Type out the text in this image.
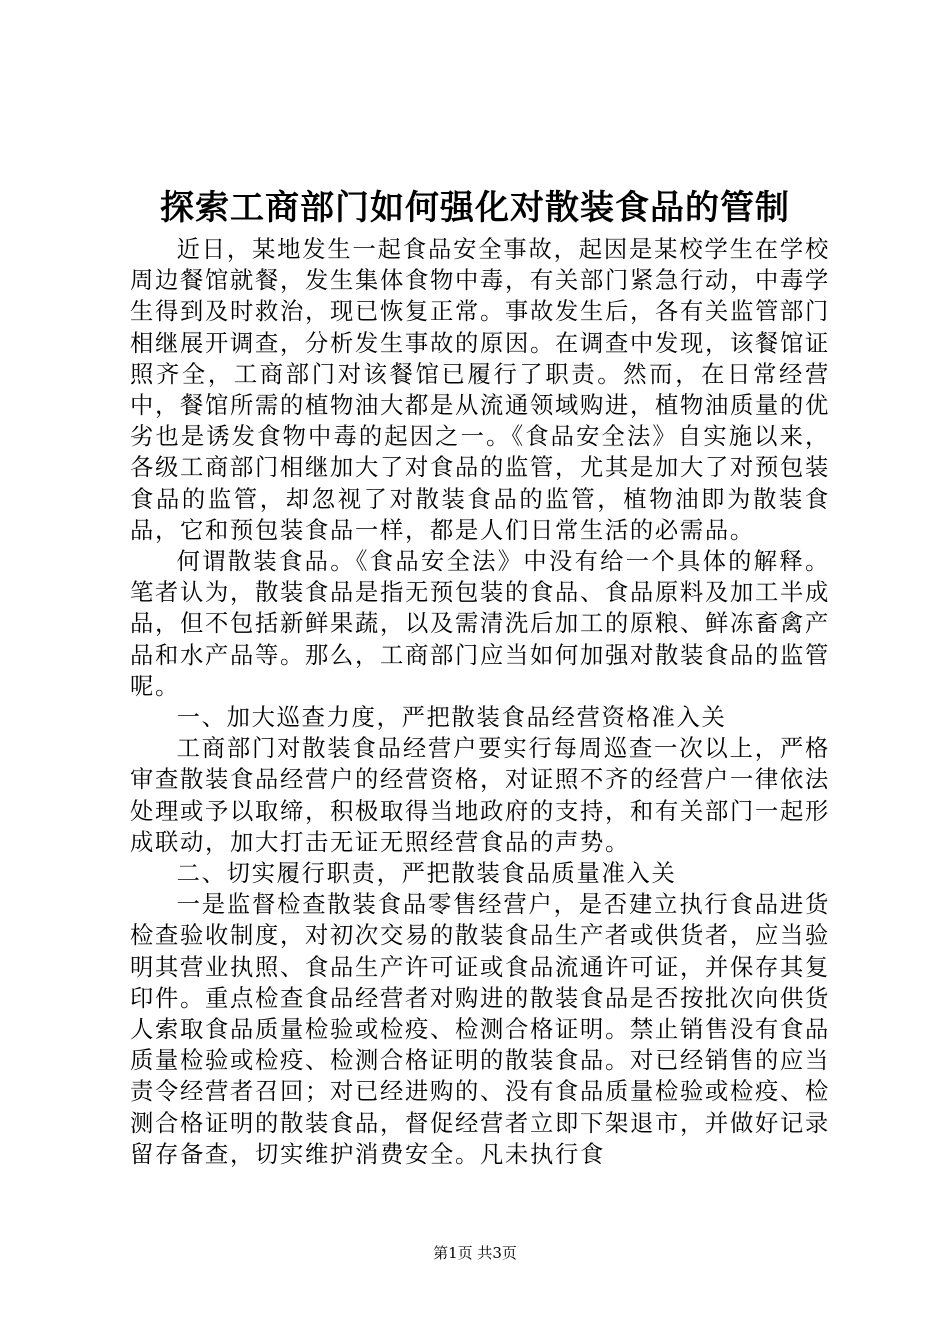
探索工商部门如何强化对散装食品的管制

近日，某地发生一起食品安全事故，起因是某校学生在学校周边餐馆就餐，发生集体食物中毒，有关部门紧急行动，中毒学生得到及时救治，现已恢复正常。事故发生后，各有关监管部门相继展开调查，分析发生事故的原因。在调查中发现，该餐馆证照齐全，工商部门对该餐馆已履行了职责。然而，在日常经营中，餐馆所需的植物油大都是从流通领域购进，植物油质量的优劣也是诱发食物中毒的起因之一。《食品安全法》自实施以来，各级工商部门相继加大了对食品的监管，尤其是加大了对预包装食品的监管，却忽视了对散装食品的监管，植物油即为散装食品，它和预包装食品一样，都是人们日常生活的必需品。

何谓散装食品。《食品安全法》中没有给一个具体的解释。笔者认为，散装食品是指无预包装的食品、食品原料及加工半成品，但不包括新鲜果蔬，以及需清洗后加工的原粮、鲜冻畜禽产品和水产品等。那么，工商部门应当如何加强对散装食品的监管呢。

一、加大巡查力度，严把散装食品经营资格准入关

工商部门对散装食品经营户要实行每周巡查一次以上，严格审查散装食品经营户的经营资格，对证照不齐的经营户一律依法处理或予以取缔，积极取得当地政府的支持，和有关部门一起形成联动，加大打击无证无照经营食品的声势。

二、切实履行职责，严把散装食品质量准入关

一是监督检查散装食品零售经营户，是否建立执行食品进货检查验收制度，对初次交易的散装食品生产者或供货者，应当验明其营业执照、食品生产许可证或食品流通许可证，并保存其复印件。重点检查食品经营者对购进的散装食品是否按批次向供货人索取食品质量检验或检疫、检测合格证明。禁止销售没有食品质量检验或检疫、检测合格证明的散装食品。对已经销售的应当责令经营者召回；对已经进购的、没有食品质量检验或检疫、检测合格证明的散装食品，督促经营者立即下架退市，并做好记录留存备查，切实维护消费安全。凡未执行食

第1页 共3页
